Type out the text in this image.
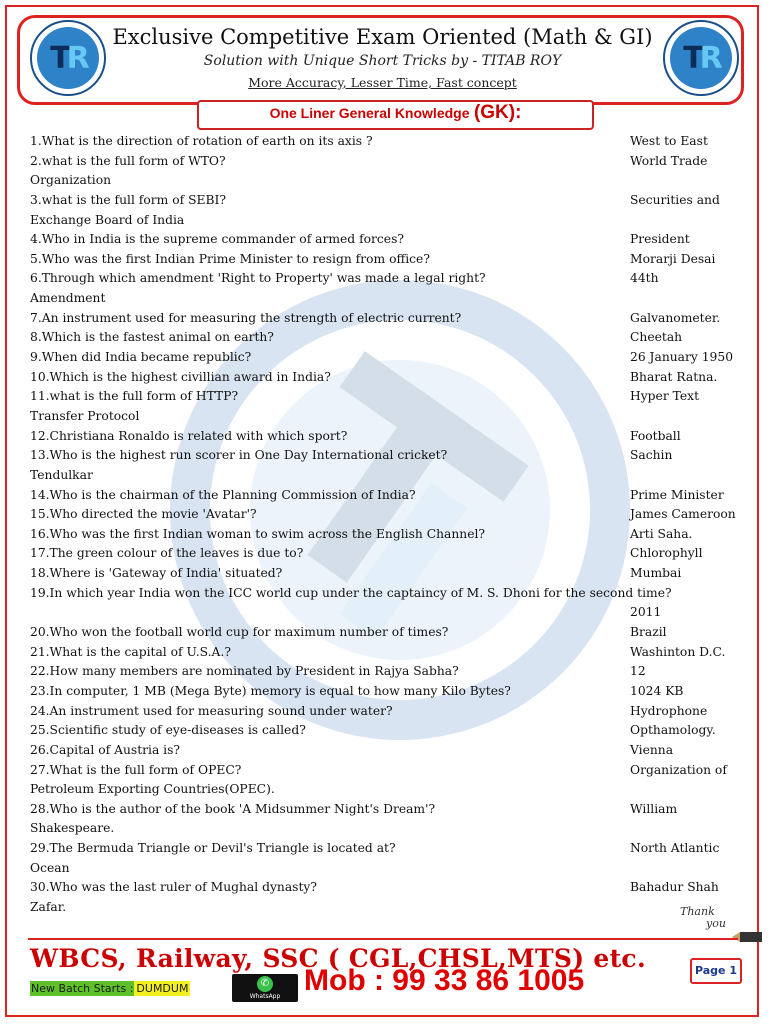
T R	T R
Exclusive Competitive Exam Oriented (Math & GI)
Solution with Unique Short Tricks by - TITAB ROY
More Accuracy, Lesser Time, Fast concept
One Liner General Knowledge (GK):
1.What is the direction of rotation of earth on its axis ?	West to East
2.what is the full form of WTO?	World Trade
Organization
3.what is the full form of SEBI?	Securities and
Exchange Board of India
4.Who in India is the supreme commander of armed forces?	President
5.Who was the first Indian Prime Minister to resign from office?	Morarji Desai
6.Through which amendment 'Right to Property' was made a legal right?	44th
Amendment
7.An instrument used for measuring the strength of electric current?	Galvanometer.
8.Which is the fastest animal on earth?	Cheetah
9.When did India became republic?	26 January 1950
10.Which is the highest civillian award in India?	Bharat Ratna.
11.what is the full form of HTTP?	Hyper Text
Transfer Protocol
12.Christiana Ronaldo is related with which sport?	Football
13.Who is the highest run scorer in One Day International cricket?	Sachin
Tendulkar
14.Who is the chairman of the Planning Commission of India?	Prime Minister
15.Who directed the movie 'Avatar'?	James Cameroon
16.Who was the first Indian woman to swim across the English Channel?	Arti Saha.
17.The green colour of the leaves is due to?	Chlorophyll
18.Where is 'Gateway of India' situated?	Mumbai
19.In which year India won the ICC world cup under the captaincy of M. S. Dhoni for the second time?
2011
20.Who won the football world cup for maximum number of times?	Brazil
21.What is the capital of U.S.A.?	Washinton D.C.
22.How many members are nominated by President in Rajya Sabha?	12
23.In computer, 1 MB (Mega Byte) memory is equal to how many Kilo Bytes?	1024 KB
24.An instrument used for measuring sound under water?	Hydrophone
25.Scientific study of eye-diseases is called?	Opthamology.
26.Capital of Austria is?	Vienna
27.What is the full form of OPEC?	Organization of
Petroleum Exporting Countries(OPEC).
28.Who is the author of the book 'A Midsummer Night's Dream'?	William
Shakespeare.
29.The Bermuda Triangle or Devil's Triangle is located at?	North Atlantic
Ocean
30.Who was the last ruler of Mughal dynasty?	Bahadur Shah
Zafar.	Thank
you
WBCS, Railway, SSC ( CGL,CHSL,MTS) etc.	Page 1
New Batch Starts : DUMDUM	✆
WhatsApp Mob : 99 33 86 1005
